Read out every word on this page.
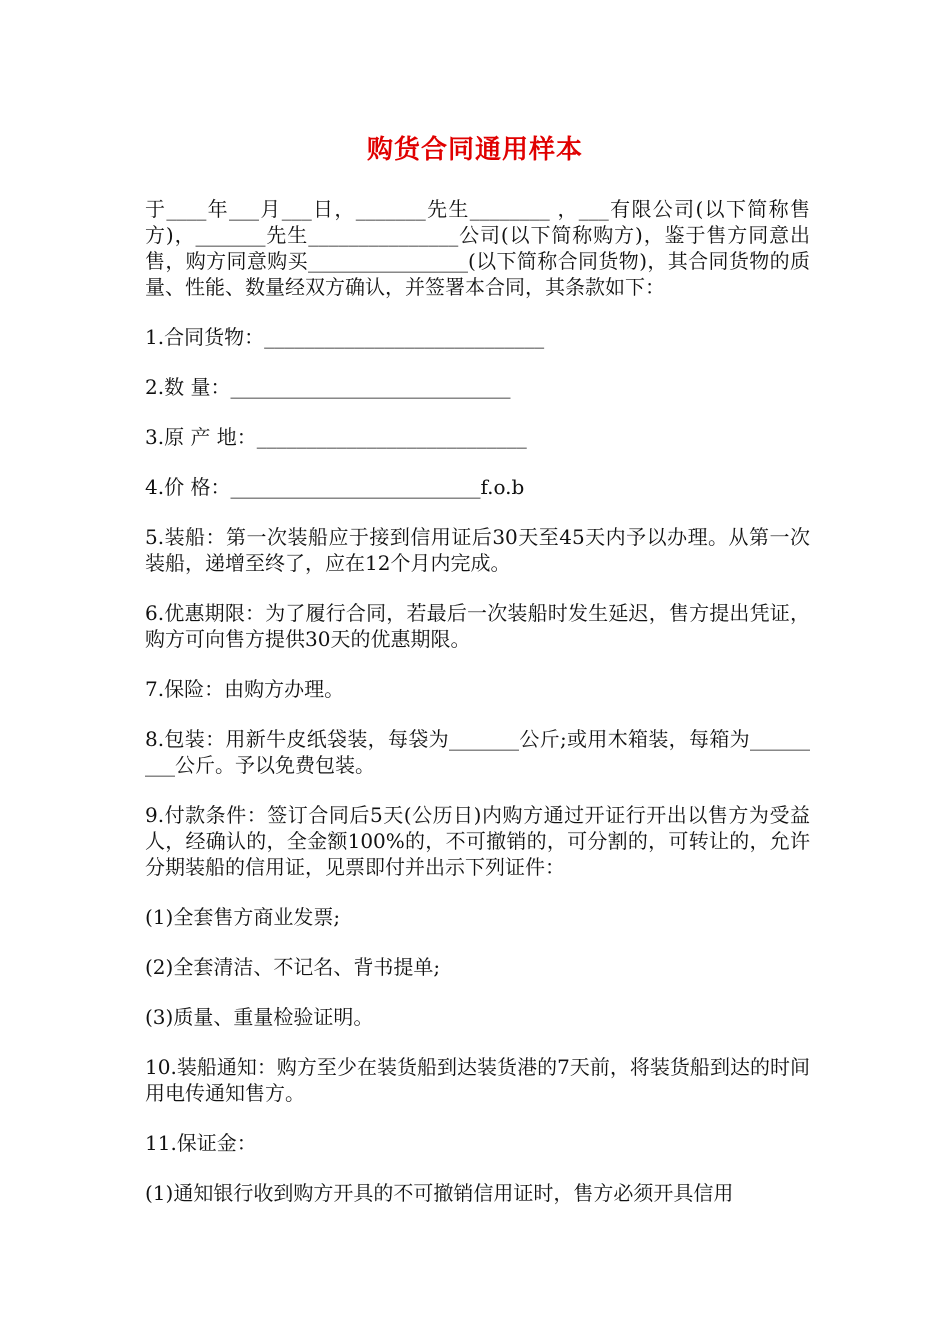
购货合同通用样本

于____年___月___日，_______先生________ ，___有限公司(以下简称售方)，_______先生_______________公司(以下简称购方)，鉴于售方同意出售，购方同意购买________________(以下简称合同货物)，其合同货物的质量、性能、数量经双方确认，并签署本合同，其条款如下：

1.合同货物：____________________________

2.数 量：____________________________

3.原 产 地：___________________________

4.价 格：_________________________f.o.b

5.装船：第一次装船应于接到信用证后30天至45天内予以办理。从第一次装船，递增至终了，应在12个月内完成。

6.优惠期限：为了履行合同，若最后一次装船时发生延迟，售方提出凭证，购方可向售方提供30天的优惠期限。

7.保险：由购方办理。

8.包装：用新牛皮纸袋装，每袋为_______公斤;或用木箱装，每箱为_________公斤。予以免费包装。

9.付款条件：签订合同后5天(公历日)内购方通过开证行开出以售方为受益人，经确认的，全金额100%的，不可撤销的，可分割的，可转让的，允许分期装船的信用证，见票即付并出示下列证件：

(1)全套售方商业发票;

(2)全套清洁、不记名、背书提单;

(3)质量、重量检验证明。

10.装船通知：购方至少在装货船到达装货港的7天前，将装货船到达的时间用电传通知售方。

11.保证金：

(1)通知银行收到购方开具的不可撤销信用证时，售方必须开具信用
